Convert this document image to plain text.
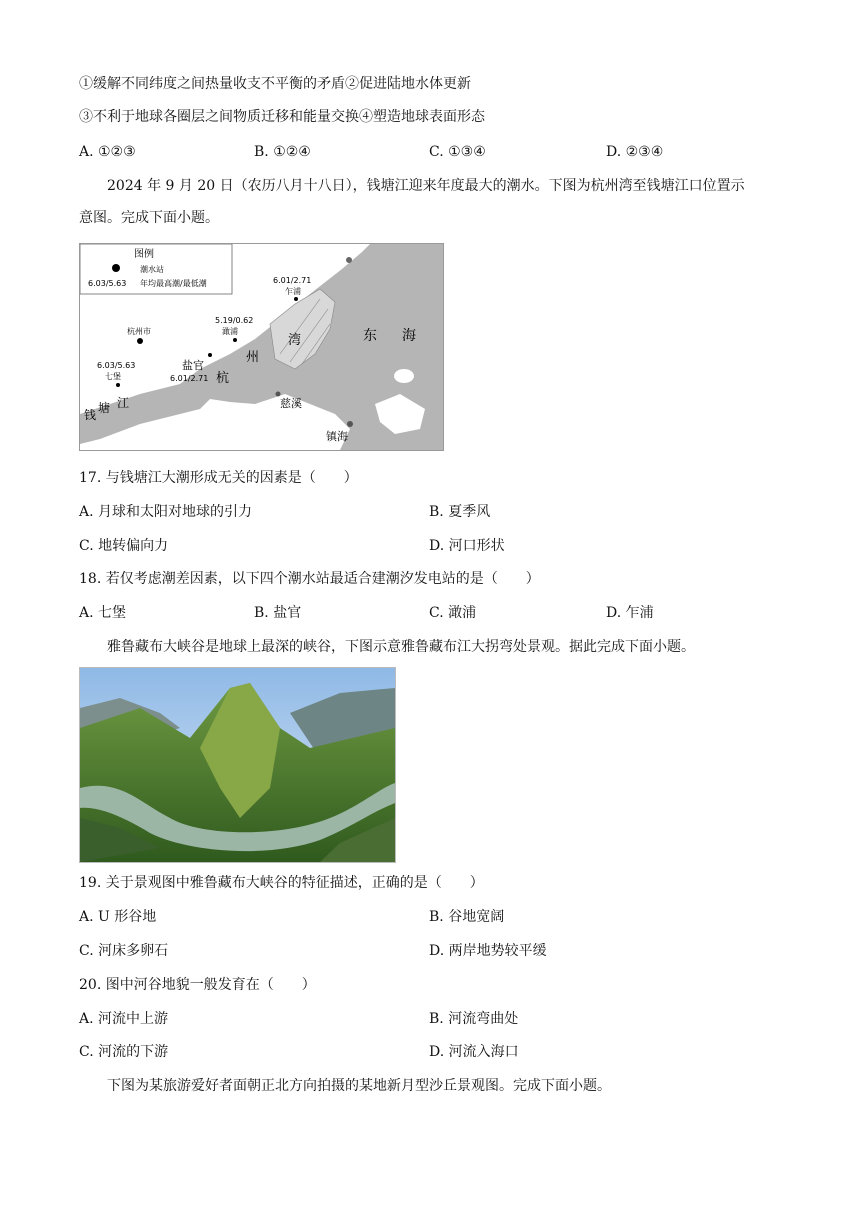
①缓解不同纬度之间热量收支不平衡的矛盾②促进陆地水体更新
③不利于地球各圈层之间物质迁移和能量交换④塑造地球表面形态
A. ①②③	B. ①②④	C. ①③④	D. ②③④
2024 年 9 月 20 日（农历八月十八日），钱塘江迎来年度最大的潮水。下图为杭州湾至钱塘江口位置示
意图。完成下面小题。
图例
潮水站
6.03/5.63 年均最高潮/最低潮	6.01/2.71
乍浦
5.19/0.62
澉浦
杭州市
6.03/5.63
七堡
盐官
6.01/2.71
钱 塘 江
杭
州
湾	东 海
慈溪
镇海
17. 与钱塘江大潮形成无关的因素是（　　）
A. 月球和太阳对地球的引力	B. 夏季风
C. 地转偏向力	D. 河口形状
18. 若仅考虑潮差因素，以下四个潮水站最适合建潮汐发电站的是（　　）
A. 七堡	B. 盐官	C. 澉浦	D. 乍浦
雅鲁藏布大峡谷是地球上最深的峡谷，下图示意雅鲁藏布江大拐弯处景观。据此完成下面小题。
19. 关于景观图中雅鲁藏布大峡谷的特征描述，正确的是（　　）
A. U 形谷地	B. 谷地宽阔
C. 河床多卵石	D. 两岸地势较平缓
20. 图中河谷地貌一般发育在（　　）
A. 河流中上游	B. 河流弯曲处
C. 河流的下游	D. 河流入海口
下图为某旅游爱好者面朝正北方向拍摄的某地新月型沙丘景观图。完成下面小题。
